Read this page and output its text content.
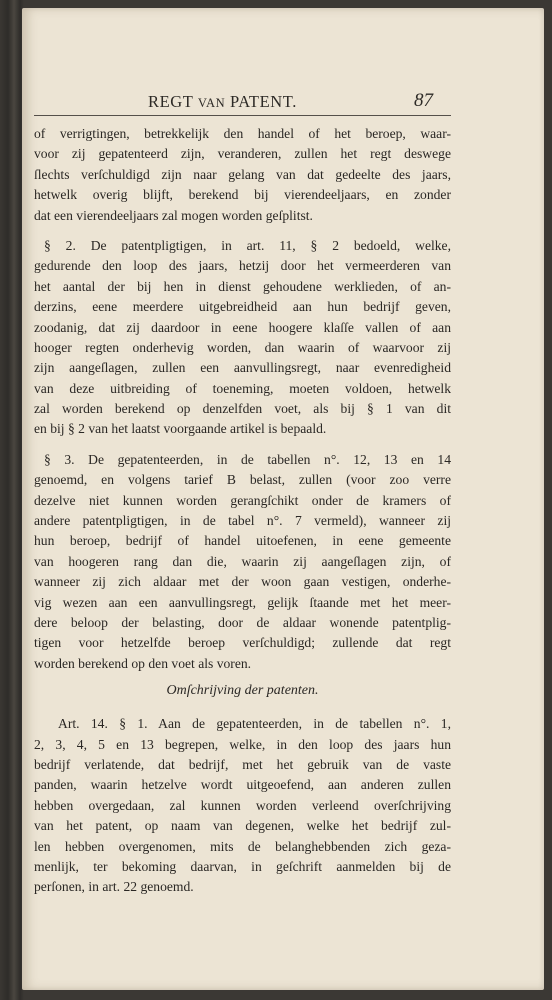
REGT VAN PATENT.	87
of verrigtingen, betrekkelijk den handel of het beroep, waar-
voor zij gepatenteerd zijn, veranderen, zullen het regt deswege
ſlechts verſchuldigd zijn naar gelang van dat gedeelte des jaars,
hetwelk overig blijft, berekend bij vierendeeljaars, en zonder
dat een vierendeeljaars zal mogen worden geſplitst.
§ 2. De patentpligtigen, in art. 11, § 2 bedoeld, welke,
gedurende den loop des jaars, hetzij door het vermeerderen van
het aantal der bij hen in dienst gehoudene werklieden, of an-
derzins, eene meerdere uitgebreidheid aan hun bedrijf geven,
zoodanig, dat zij daardoor in eene hoogere klaſſe vallen of aan
hooger regten onderhevig worden, dan waarin of waarvoor zij
zijn aangeſlagen, zullen een aanvullingsregt, naar evenredigheid
van deze uitbreiding of toeneming, moeten voldoen, hetwelk
zal worden berekend op denzelfden voet, als bij § 1 van dit
en bij § 2 van het laatst voorgaande artikel is bepaald.
§ 3. De gepatenteerden, in de tabellen n°. 12, 13 en 14
genoemd, en volgens tarief B belast, zullen (voor zoo verre
dezelve niet kunnen worden gerangſchikt onder de kramers of
andere patentpligtigen, in de tabel n°. 7 vermeld), wanneer zij
hun beroep, bedrijf of handel uitoefenen, in eene gemeente
van hoogeren rang dan die, waarin zij aangeſlagen zijn, of
wanneer zij zich aldaar met der woon gaan vestigen, onderhe-
vig wezen aan een aanvullingsregt, gelijk ſtaande met het meer-
dere beloop der belasting, door de aldaar wonende patentplig-
tigen voor hetzelfde beroep verſchuldigd; zullende dat regt
worden berekend op den voet als voren.
Omſchrijving der patenten.
Art. 14. § 1. Aan de gepatenteerden, in de tabellen n°. 1,
2, 3, 4, 5 en 13 begrepen, welke, in den loop des jaars hun
bedrijf verlatende, dat bedrijf, met het gebruik van de vaste
panden, waarin hetzelve wordt uitgeoefend, aan anderen zullen
hebben overgedaan, zal kunnen worden verleend overſchrijving
van het patent, op naam van degenen, welke het bedrijf zul-
len hebben overgenomen, mits de belanghebbenden zich geza-
menlijk, ter bekoming daarvan, in geſchrift aanmelden bij de
perſonen, in art. 22 genoemd.
